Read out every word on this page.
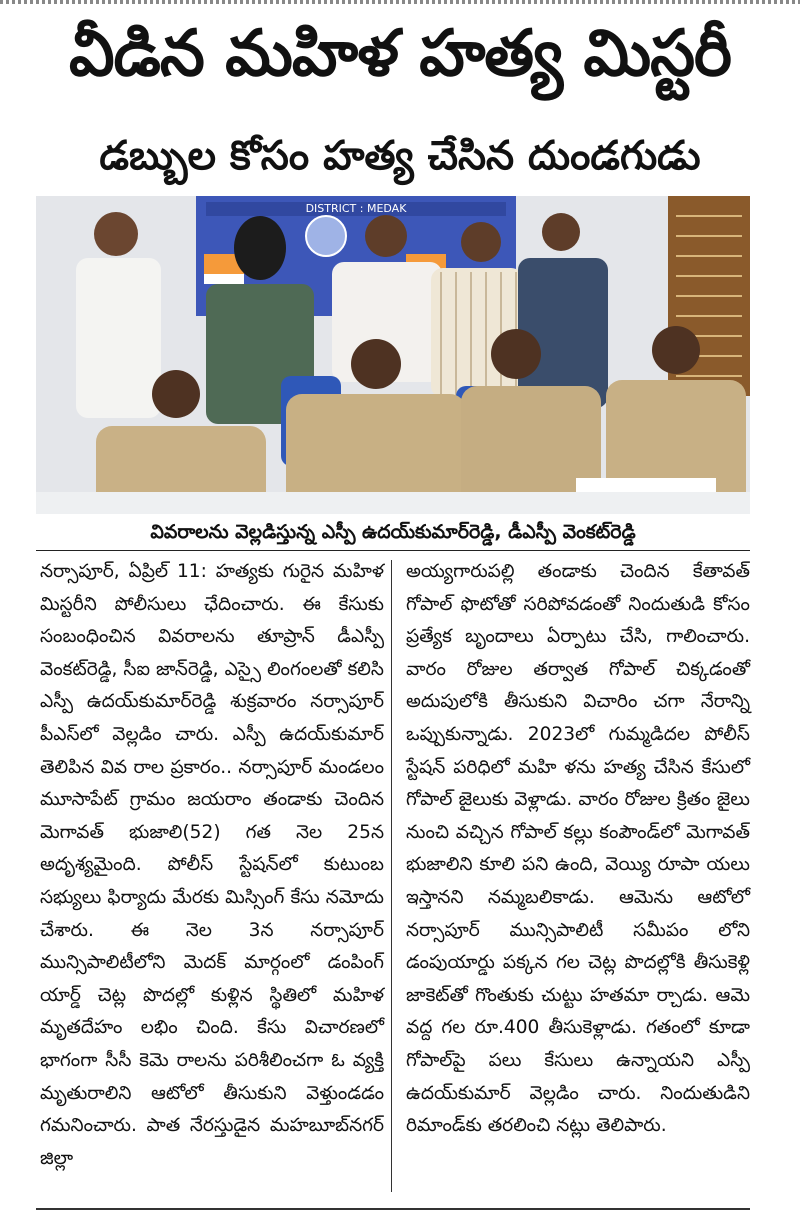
వీడిన మహిళ హత్య మిస్టరీ
డబ్బుల కోసం హత్య చేసిన దుండగుడు
DISTRICT : MEDAK
వివరాలను వెల్లడిస్తున్న ఎస్పీ ఉదయ్‌కుమార్‌రెడ్డి, డీఎస్పీ వెంకట్‌రెడ్డి

నర్సాపూర్, ఏప్రిల్ 11: హత్యకు గురైన మహిళ మిస్టరీని పోలీసులు ఛేదించారు. ఈ కేసుకు సంబంధించిన వివరాలను తూప్రాన్ డీఎస్పీ వెంకట్‌రెడ్డి, సీఐ జాన్‌రెడ్డి, ఎస్సై లింగంలతో కలిసి ఎస్పీ ఉదయ్‌కుమార్‌రెడ్డి శుక్రవారం నర్సాపూర్ పీఎస్‌లో వెల్లడిం చారు. ఎస్పీ ఉదయ్‌కుమార్ తెలిపిన వివ రాల ప్రకారం.. నర్సాపూర్ మండలం మూసాపేట్ గ్రామం జయరాం తండాకు చెందిన మెగావత్ భుజాలి(52) గత నెల 25న అదృశ్యమైంది. పోలీస్ స్టేషన్‌లో కుటుంబ సభ్యులు ఫిర్యాదు మేరకు మిస్సింగ్ కేసు నమోదు చేశారు. ఈ నెల 3న నర్సాపూర్ మున్సిపాలిటీలోని మెదక్ మార్గంలో డంపింగ్ యార్డ్ చెట్ల పొదల్లో కుళ్లిన స్థితిలో మహిళ మృతదేహం లభిం చింది. కేసు విచారణలో భాగంగా సీసీ కెమె రాలను పరిశీలించగా ఓ వ్యక్తి మృతురాలిని ఆటోలో తీసుకుని వెళ్తుండడం గమనించారు. పాత నేరస్తుడైన మహబూబ్‌నగర్ జిల్లా

అయ్యగారుపల్లి తండాకు చెందిన కేతావత్ గోపాల్ ఫొటోతో సరిపోవడంతో నిందుతుడి కోసం ప్రత్యేక బృందాలు ఏర్పాటు చేసి, గాలించారు. వారం రోజుల తర్వాత గోపాల్ చిక్కడంతో అదుపులోకి తీసుకుని విచారిం చగా నేరాన్ని ఒప్పుకున్నాడు. 2023లో గుమ్మడిదల పోలీస్ స్టేషన్ పరిధిలో మహి ళను హత్య చేసిన కేసులో గోపాల్ జైలుకు వెళ్లాడు. వారం రోజుల క్రితం జైలు నుంచి వచ్చిన గోపాల్ కల్లు కంపౌండ్‌లో మెగావత్ భుజాలిని కూలి పని ఉంది, వెయ్యి రూపా యలు ఇస్తానని నమ్మబలికాడు. ఆమెను ఆటోలో నర్సాపూర్ మున్సిపాలిటీ సమీపం లోని డంపుయార్డు పక్కన గల చెట్ల పొదల్లోకి తీసుకెళ్లి జాకెట్‌తో గొంతుకు చుట్టు హతమా ర్చాడు. ఆమె వద్ద గల రూ.400 తీసుకెళ్లాడు. గతంలో కూడా గోపాల్‌పై పలు కేసులు ఉన్నాయని ఎస్పీ ఉదయ్‌కుమార్ వెల్లడిం చారు. నిందుతుడిని రిమాండ్‌కు తరలించి నట్లు తెలిపారు.
